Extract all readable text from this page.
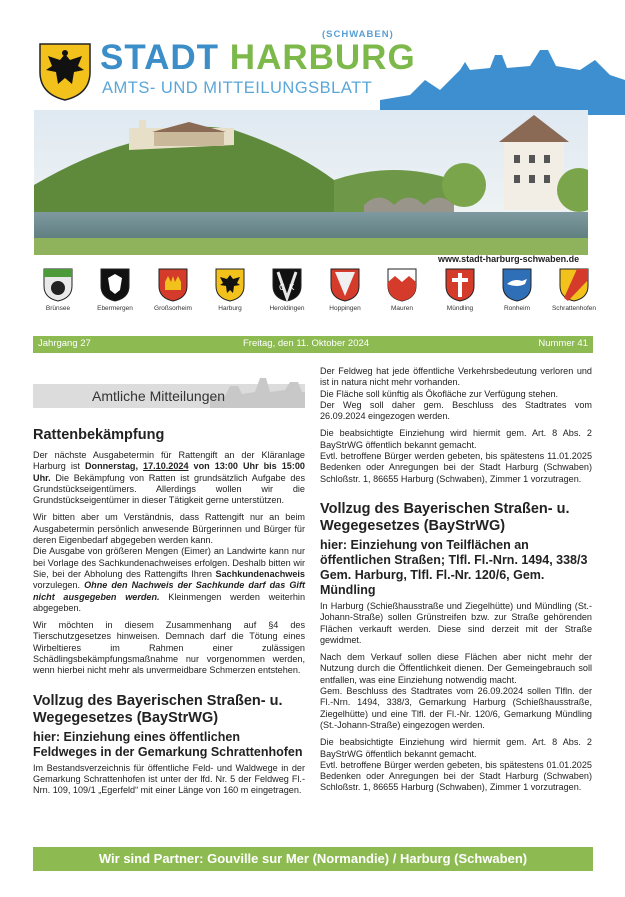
(SCHWABEN)
STADT HARBURG
AMTS- UND MITTEILUNGSBLATT
www.stadt-harburg-schwaben.de
Brünsee	Ebermergen	Großsorheim	Harburg
C K
Heroldingen	Hoppingen	Mauren	Mündling	Ronheim	Schrattenhofen
Jahrgang 27	Freitag, den 11. Oktober 2024	Nummer 41
Amtliche Mitteilungen
Rattenbekämpfung

Der nächste Ausgabetermin für Rattengift an der Kläranlage Harburg ist Donnerstag, 17.10.2024 von 13:00 Uhr bis 15:00 Uhr. Die Bekämpfung von Ratten ist grundsätzlich Aufgabe des Grundstückseigentümers. Allerdings wollen wir die Grundstückseigentümer in dieser Tätigkeit gerne unterstützen.

Wir bitten aber um Verständnis, dass Rattengift nur an beim Ausgabetermin persönlich anwesende Bürgerinnen und Bürger für deren Eigenbedarf abgegeben werden kann.
Die Ausgabe von größeren Mengen (Eimer) an Landwirte kann nur bei Vorlage des Sachkundenachweises erfolgen. Deshalb bitten wir Sie, bei der Abholung des Rattengifts Ihren Sachkundenachweis vorzulegen. Ohne den Nachweis der Sachkunde darf das Gift nicht ausgegeben werden. Kleinmengen werden weiterhin abgegeben.

Wir möchten in diesem Zusammenhang auf §4 des Tierschutzgesetzes hinweisen. Demnach darf die Tötung eines Wirbeltieres im Rahmen einer zulässigen Schädlingsbekämpfungsmaßnahme nur vorgenommen werden, wenn hierbei nicht mehr als unvermeidbare Schmerzen entstehen.

Vollzug des Bayerischen Straßen- u. Wegegesetzes (BayStrWG)
hier: Einziehung eines öffentlichen Feldweges in der Gemarkung Schrattenhofen

Im Bestandsverzeichnis für öffentliche Feld- und Waldwege in der Gemarkung Schrattenhofen ist unter der lfd. Nr. 5 der Feldweg Fl.-Nrn. 109, 109/1 „Egerfeld“ mit einer Länge von 160 m eingetragen.

Der Feldweg hat jede öffentliche Verkehrsbedeutung verloren und ist in natura nicht mehr vorhanden.

Die Fläche soll künftig als Ökofläche zur Verfügung stehen.

Der Weg soll daher gem. Beschluss des Stadtrates vom 26.09.2024 eingezogen werden.

Die beabsichtigte Einziehung wird hiermit gem. Art. 8 Abs. 2 BayStrWG öffentlich bekannt gemacht.

Evtl. betroffene Bürger werden gebeten, bis spätestens 11.01.2025 Bedenken oder Anregungen bei der Stadt Harburg (Schwaben) Schloßstr. 1, 86655 Harburg (Schwaben), Zimmer 1 vorzutragen.

Vollzug des Bayerischen Straßen- u. Wegegesetzes (BayStrWG)
hier: Einziehung von Teilflächen an öffentlichen Straßen; Tlfl. Fl.-Nrn. 1494, 338/3 Gem. Harburg, Tlfl. Fl.-Nr. 120/6, Gem. Mündling

In Harburg (Schießhausstraße und Ziegelhütte) und Mündling (St.-Johann-Straße) sollen Grünstreifen bzw. zur Straße gehörenden Flächen verkauft werden. Diese sind derzeit mit der Straße gewidmet.

Nach dem Verkauf sollen diese Flächen aber nicht mehr der Nutzung durch die Öffentlichkeit dienen. Der Gemeingebrauch soll entfallen, was eine Einziehung notwendig macht.

Gem. Beschluss des Stadtrates vom 26.09.2024 sollen Tlfln. der Fl.-Nrn. 1494, 338/3, Gemarkung Harburg (Schießhausstraße, Ziegelhütte) und eine Tlfl. der Fl.-Nr. 120/6, Gemarkung Mündling (St.-Johann-Straße) eingezogen werden.

Die beabsichtigte Einziehung wird hiermit gem. Art. 8 Abs. 2 BayStrWG öffentlich bekannt gemacht.

Evtl. betroffene Bürger werden gebeten, bis spätestens 01.01.2025 Bedenken oder Anregungen bei der Stadt Harburg (Schwaben) Schloßstr. 1, 86655 Harburg (Schwaben), Zimmer 1 vorzutragen.

Wir sind Partner: Gouville sur Mer (Normandie) / Harburg (Schwaben)
